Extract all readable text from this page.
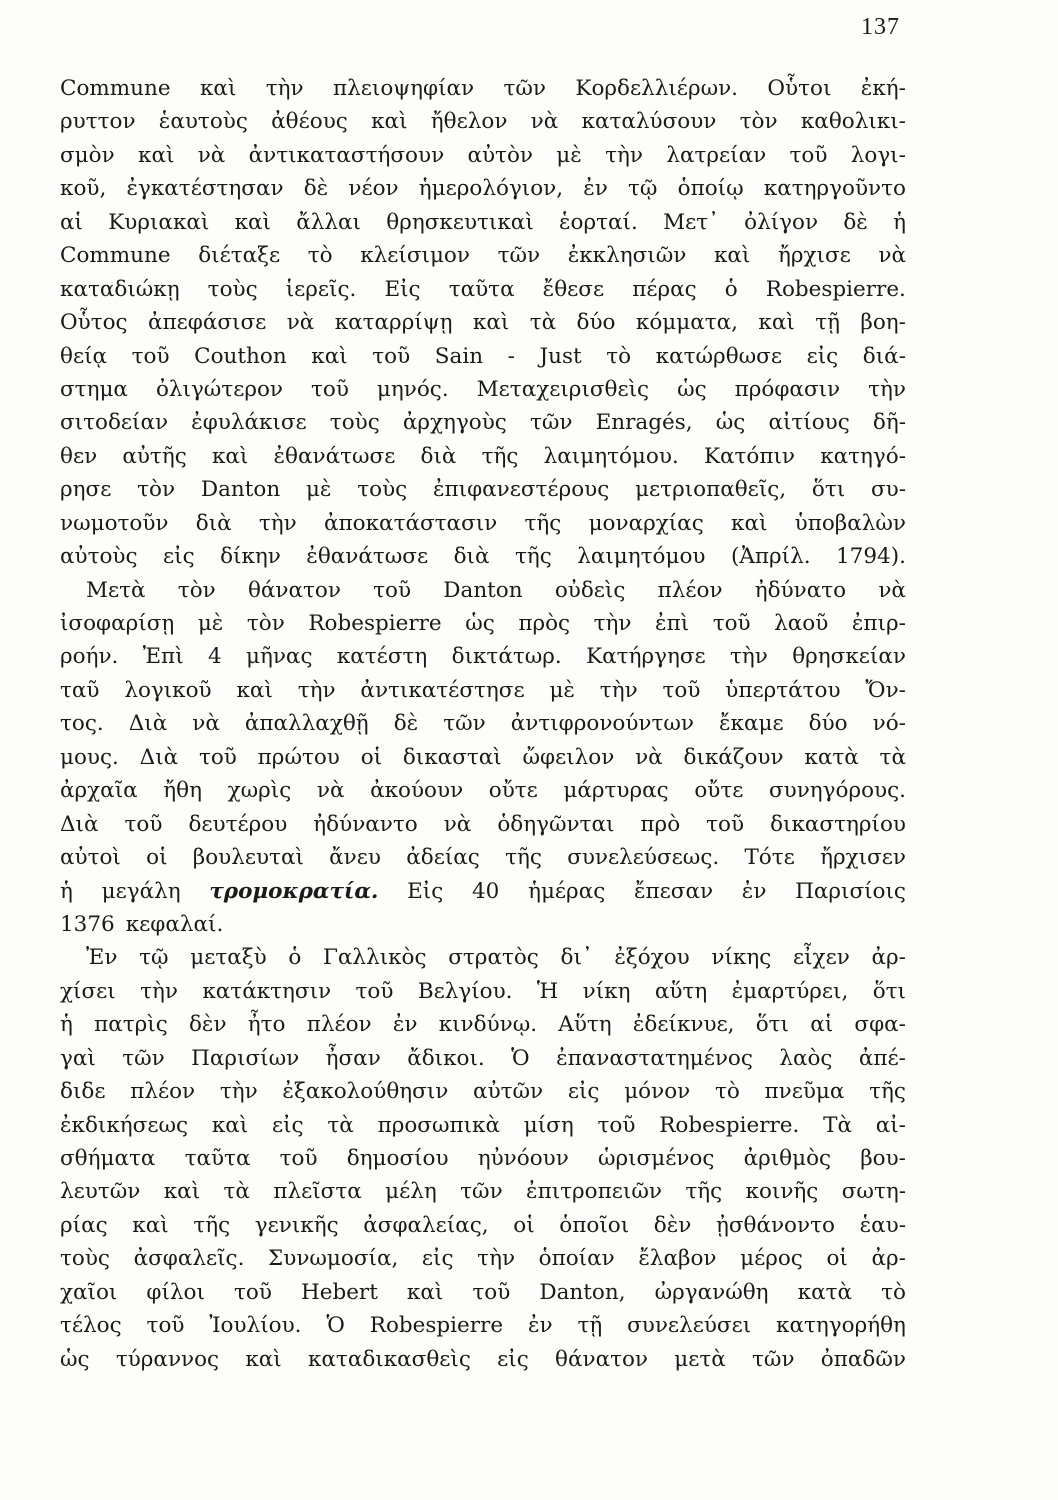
137
Commune καὶ τὴν πλειοψηφίαν τῶν Κορδελλιέρων. Οὗτοι ἐκή-
ρυττον ἑαυτοὺς ἀθέους καὶ ἤθελον νὰ καταλύσουν τὸν καθολικι-
σμὸν καὶ νὰ ἀντικαταστήσουν αὐτὸν μὲ τὴν λατρείαν τοῦ λογι-
κοῦ, ἐγκατέστησαν δὲ νέον ἡμερολόγιον, ἐν τῷ ὁποίῳ κατηργοῦντο
αἱ Κυριακαὶ καὶ ἄλλαι θρησκευτικαὶ ἑορταί. Μετ᾽ ὀλίγον δὲ ἡ
Commune διέταξε τὸ κλείσιμον τῶν ἐκκλησιῶν καὶ ἤρχισε νὰ
καταδιώκῃ τοὺς ἱερεῖς. Εἰς ταῦτα ἔθεσε πέρας ὁ Robespierre.
Οὗτος ἀπεφάσισε νὰ καταρρίψῃ καὶ τὰ δύο κόμματα, καὶ τῇ βοη-
θείᾳ τοῦ Couthon καὶ τοῦ Sain - Just τὸ κατώρθωσε εἰς διά-
στημα ὀλιγώτερον τοῦ μηνός. Μεταχειρισθεὶς ὡς πρόφασιν τὴν
σιτοδείαν ἐφυλάκισε τοὺς ἀρχηγοὺς τῶν Enragés, ὡς αἰτίους δῆ-
θεν αὐτῆς καὶ ἐθανάτωσε διὰ τῆς λαιμητόμου. Κατόπιν κατηγό-
ρησε τὸν Danton μὲ τοὺς ἐπιφανεστέρους μετριοπαθεῖς, ὅτι συ-
νωμοτοῦν διὰ τὴν ἀποκατάστασιν τῆς μοναρχίας καὶ ὑποβαλὼν
αὐτοὺς εἰς δίκην ἐθανάτωσε διὰ τῆς λαιμητόμου (Ἀπρίλ. 1794).
Μετὰ τὸν θάνατον τοῦ Danton οὐδεὶς πλέον ἠδύνατο νὰ
ἰσοφαρίσῃ μὲ τὸν Robespierre ὡς πρὸς τὴν ἐπὶ τοῦ λαοῦ ἐπιρ-
ροήν. Ἐπὶ 4 μῆνας κατέστη δικτάτωρ. Κατήργησε τὴν θρησκείαν
ταῦ λογικοῦ καὶ τὴν ἀντικατέστησε μὲ τὴν τοῦ ὑπερτάτου Ὄν-
τος. Διὰ νὰ ἀπαλλαχθῇ δὲ τῶν ἀντιφρονούντων ἔκαμε δύο νό-
μους. Διὰ τοῦ πρώτου οἱ δικασταὶ ὤφειλον νὰ δικάζουν κατὰ τὰ
ἀρχαῖα ἤθη χωρὶς νὰ ἀκούουν οὔτε μάρτυρας οὔτε συνηγόρους.
Διὰ τοῦ δευτέρου ἠδύναντο νὰ ὁδηγῶνται πρὸ τοῦ δικαστηρίου
αὐτοὶ οἱ βουλευταὶ ἄνευ ἀδείας τῆς συνελεύσεως. Τότε ἤρχισεν
ἡ μεγάλη τρομοκρατία. Εἰς 40 ἡμέρας ἔπεσαν ἐν Παρισίοις
1376 κεφαλαί.
Ἐν τῷ μεταξὺ ὁ Γαλλικὸς στρατὸς δι᾽ ἐξόχου νίκης εἶχεν ἀρ-
χίσει τὴν κατάκτησιν τοῦ Βελγίου. Ἡ νίκη αὕτη ἐμαρτύρει, ὅτι
ἡ πατρὶς δὲν ἦτο πλέον ἐν κινδύνῳ. Αὕτη ἐδείκνυε, ὅτι αἱ σφα-
γαὶ τῶν Παρισίων ἦσαν ἄδικοι. Ὁ ἐπαναστατημένος λαὸς ἀπέ-
διδε πλέον τὴν ἐξακολούθησιν αὐτῶν εἰς μόνον τὸ πνεῦμα τῆς
ἐκδικήσεως καὶ εἰς τὰ προσωπικὰ μίση τοῦ Robespierre. Τὰ αἰ-
σθήματα ταῦτα τοῦ δημοσίου ηὐνόουν ὡρισμένος ἀριθμὸς βου-
λευτῶν καὶ τὰ πλεῖστα μέλη τῶν ἐπιτροπειῶν τῆς κοινῆς σωτη-
ρίας καὶ τῆς γενικῆς ἀσφαλείας, οἱ ὁποῖοι δὲν ᾐσθάνοντο ἑαυ-
τοὺς ἀσφαλεῖς. Συνωμοσία, εἰς τὴν ὁποίαν ἔλαβον μέρος οἱ ἀρ-
χαῖοι φίλοι τοῦ Hebert καὶ τοῦ Danton, ὠργανώθη κατὰ τὸ
τέλος τοῦ Ἰουλίου. Ὁ Robespierre ἐν τῇ συνελεύσει κατηγορήθη
ὡς τύραννος καὶ καταδικασθεὶς εἰς θάνατον μετὰ τῶν ὀπαδῶν
